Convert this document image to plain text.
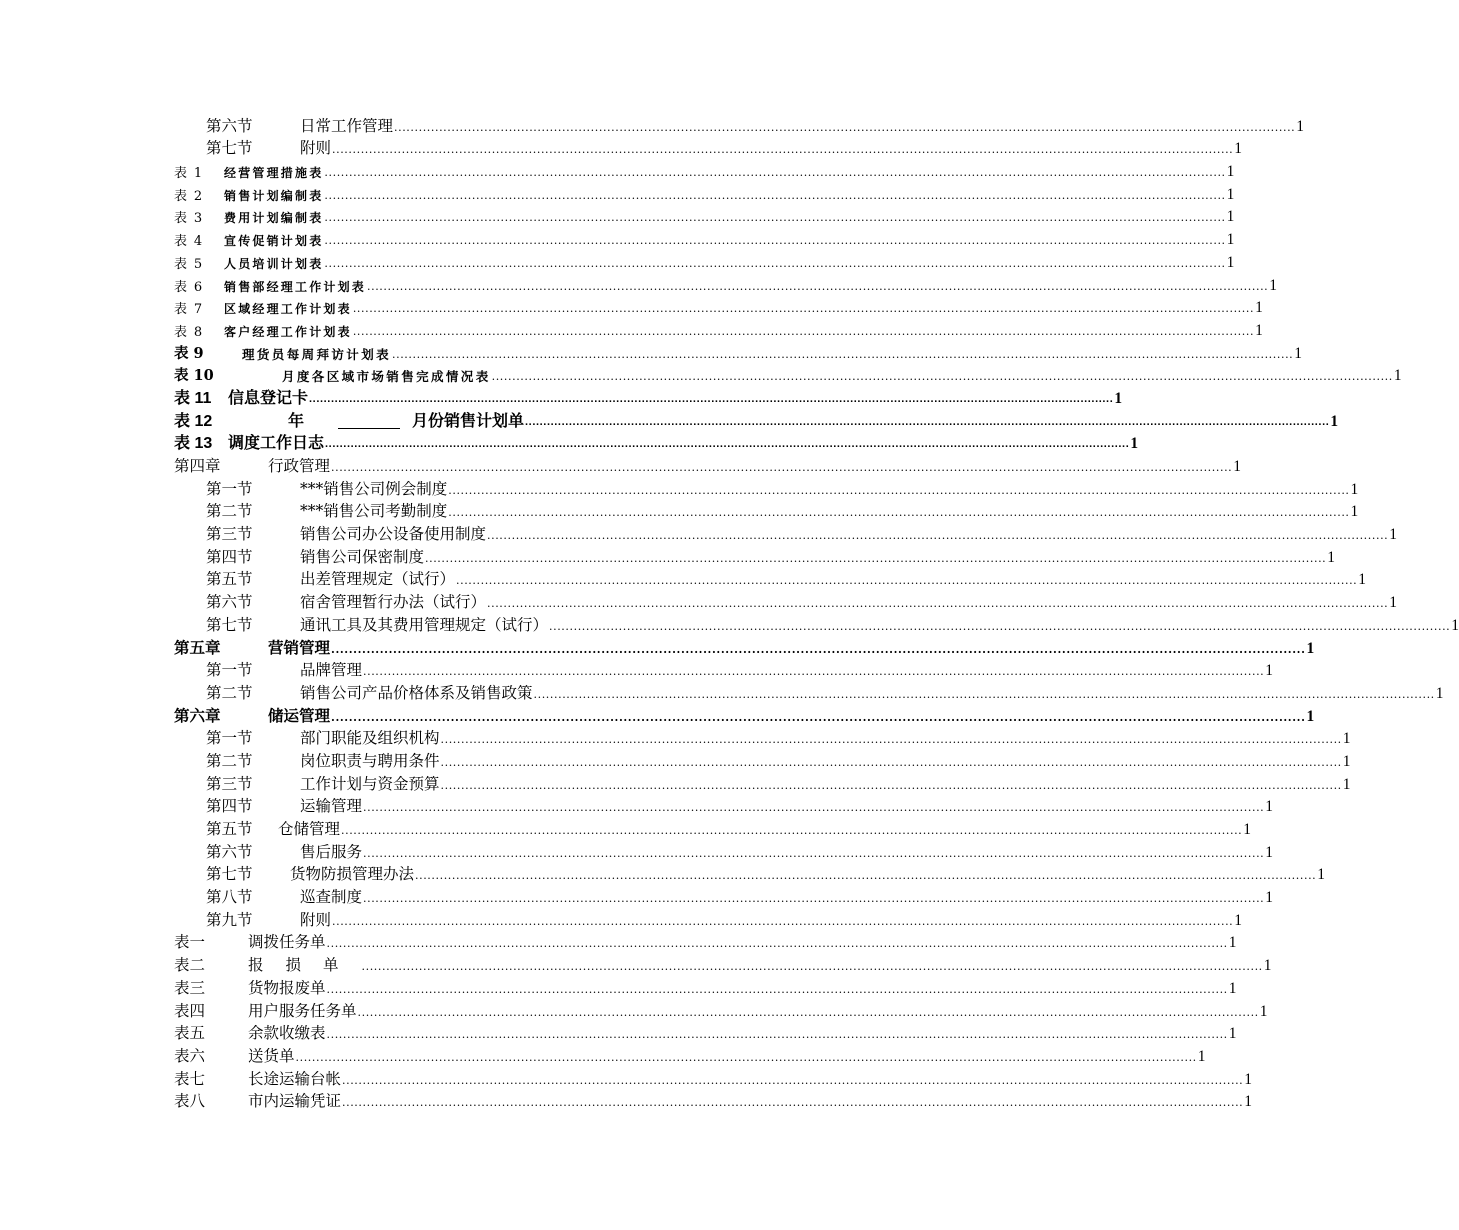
第六节	日常工作管理 ............................................................................................................................................................................................................................ 1
第七节	附则 ............................................................................................................................................................................................................................ 1
表 1	经营管理措施表 ............................................................................................................................................................................................................................ 1
表 2	销售计划编制表 ............................................................................................................................................................................................................................ 1
表 3	费用计划编制表 ............................................................................................................................................................................................................................ 1
表 4	宣传促销计划表 ............................................................................................................................................................................................................................ 1
表 5	人员培训计划表 ............................................................................................................................................................................................................................ 1
表 6	销售部经理工作计划表 ............................................................................................................................................................................................................................ 1
表 7	区域经理工作计划表 ............................................................................................................................................................................................................................ 1
表 8	客户经理工作计划表 ............................................................................................................................................................................................................................ 1
表 9	理货员每周拜访计划表 ............................................................................................................................................................................................................................ 1
表 10	月度各区域市场销售完成情况表 ............................................................................................................................................................................................................................ 1
表 11	信息登记卡 ............................................................................................................................................................................................................................ 1
表 12	年	月份销售计划单 ............................................................................................................................................................................................................................ 1
表 13 调度工作日志 ............................................................................................................................................................................................................................ 1
第四章	行政管理 ............................................................................................................................................................................................................................ 1
第一节	***销售公司例会制度 ............................................................................................................................................................................................................................ 1
第二节	***销售公司考勤制度 ............................................................................................................................................................................................................................ 1
第三节	销售公司办公设备使用制度 ............................................................................................................................................................................................................................ 1
第四节	销售公司保密制度 ............................................................................................................................................................................................................................ 1
第五节	出差管理规定（试行） ............................................................................................................................................................................................................................ 1
第六节	宿舍管理暂行办法（试行） ............................................................................................................................................................................................................................ 1
第七节	通讯工具及其费用管理规定（试行） ............................................................................................................................................................................................................................ 1
第五章	营销管理 ............................................................................................................................................................................................................................ 1
第一节	品牌管理 ............................................................................................................................................................................................................................ 1
第二节	销售公司产品价格体系及销售政策 ............................................................................................................................................................................................................................ 1
第六章	储运管理 ............................................................................................................................................................................................................................ 1
第一节	部门职能及组织机构 ............................................................................................................................................................................................................................ 1
第二节	岗位职责与聘用条件 ............................................................................................................................................................................................................................ 1
第三节	工作计划与资金预算 ............................................................................................................................................................................................................................ 1
第四节	运输管理 ............................................................................................................................................................................................................................ 1
第五节	仓储管理 ............................................................................................................................................................................................................................ 1
第六节	售后服务 ............................................................................................................................................................................................................................ 1
第七节	货物防损管理办法 ............................................................................................................................................................................................................................ 1
第八节	巡查制度 ............................................................................................................................................................................................................................ 1
第九节	附则 ............................................................................................................................................................................................................................ 1
表一	调拨任务单 ............................................................................................................................................................................................................................ 1
表二	报损单 ............................................................................................................................................................................................................................ 1
表三	货物报废单 ............................................................................................................................................................................................................................ 1
表四	用户服务任务单 ............................................................................................................................................................................................................................ 1
表五	余款收缴表 ............................................................................................................................................................................................................................ 1
表六	送货单 ............................................................................................................................................................................................................................ 1
表七	长途运输台帐 ............................................................................................................................................................................................................................ 1
表八	市内运输凭证 ............................................................................................................................................................................................................................ 1
